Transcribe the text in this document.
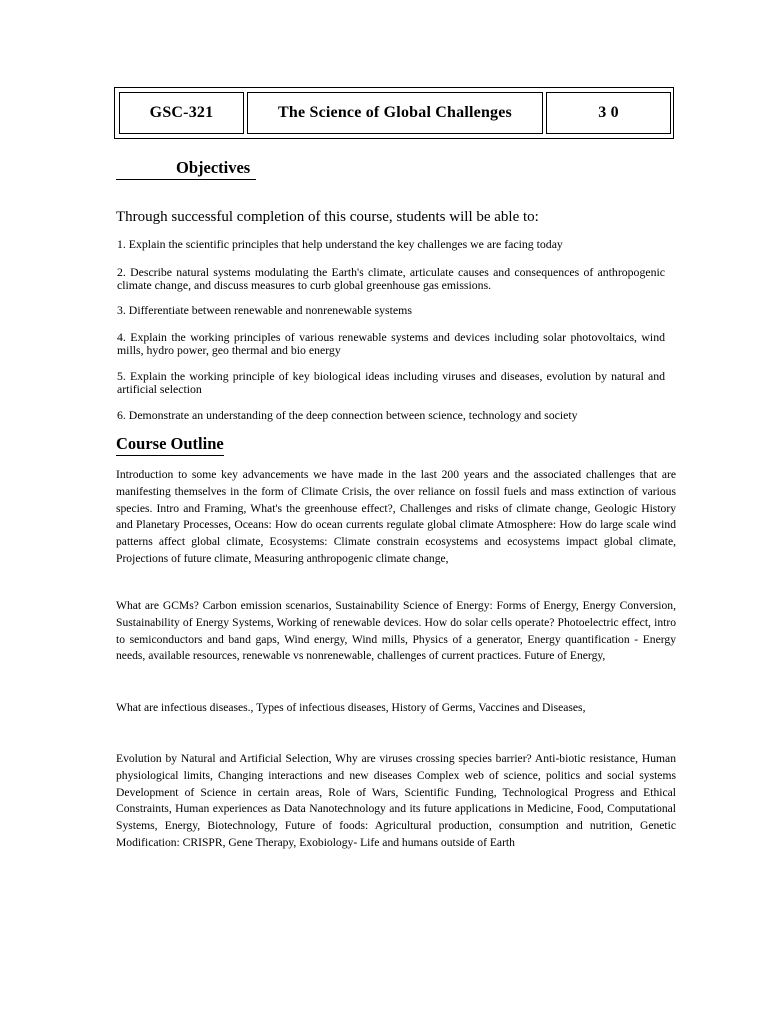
GSC-321	The Science of Global Challenges	3 0
Objectives
Through successful completion of this course, students will be able to:
1. Explain the scientific principles that help understand the key challenges we are facing today
2. Describe natural systems modulating the Earth's climate, articulate causes and consequences of anthropogenic climate change, and discuss measures to curb global greenhouse gas emissions.
3. Differentiate between renewable and nonrenewable systems
4. Explain the working principles of various renewable systems and devices including solar photovoltaics, wind mills, hydro power, geo thermal and bio energy
5. Explain the working principle of key biological ideas including viruses and diseases, evolution by natural and artificial selection
6. Demonstrate an understanding of the deep connection between science, technology and society
Course Outline

Introduction to some key advancements we have made in the last 200 years and the associated challenges that are manifesting themselves in the form of Climate Crisis, the over reliance on fossil fuels and mass extinction of various species. Intro and Framing, What's the greenhouse effect?, Challenges and risks of climate change, Geologic History and Planetary Processes, Oceans: How do ocean currents regulate global climate Atmosphere: How do large scale wind patterns affect global climate, Ecosystems: Climate constrain ecosystems and ecosystems impact global climate, Projections of future climate, Measuring anthropogenic climate change,

What are GCMs? Carbon emission scenarios, Sustainability Science of Energy: Forms of Energy, Energy Conversion, Sustainability of Energy Systems, Working of renewable devices. How do solar cells operate? Photoelectric effect, intro to semiconductors and band gaps, Wind energy, Wind mills, Physics of a generator, Energy quantification - Energy needs, available resources, renewable vs nonrenewable, challenges of current practices. Future of Energy,

What are infectious diseases., Types of infectious diseases, History of Germs, Vaccines and Diseases,

Evolution by Natural and Artificial Selection, Why are viruses crossing species barrier? Anti-biotic resistance, Human physiological limits, Changing interactions and new diseases Complex web of science, politics and social systems Development of Science in certain areas, Role of Wars, Scientific Funding, Technological Progress and Ethical Constraints, Human experiences as Data Nanotechnology and its future applications in Medicine, Food, Computational Systems, Energy, Biotechnology, Future of foods: Agricultural production, consumption and nutrition, Genetic Modification: CRISPR, Gene Therapy, Exobiology- Life and humans outside of Earth
